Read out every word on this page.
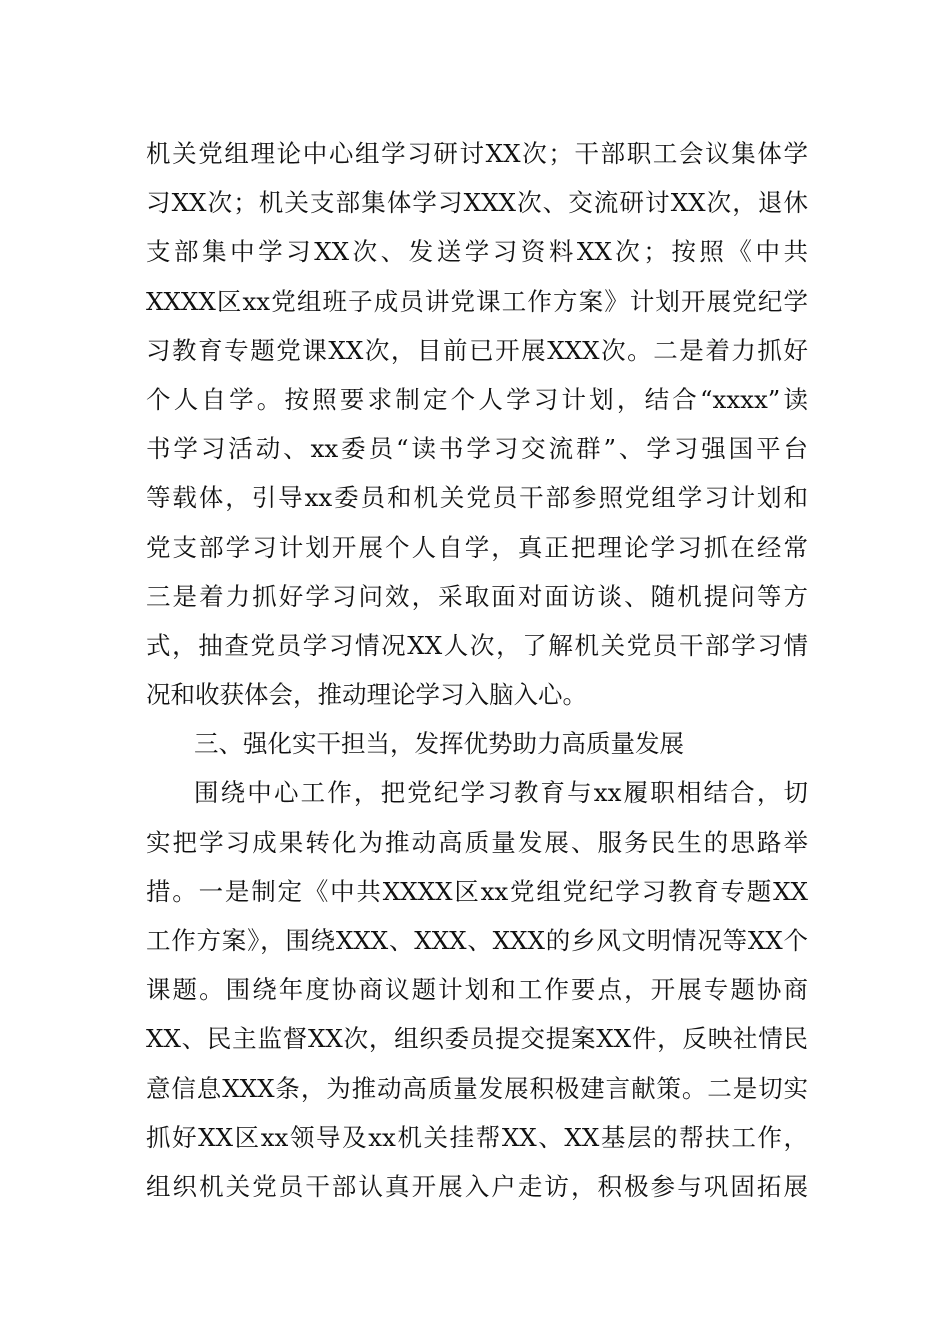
机关党组理论中心组学习研讨XX次；干部职工会议集体学
习XX次；机关支部集体学习XXX次、交流研讨XX次，退休
支部集中学习XX次、发送学习资料XX次；按照《中共
XXXX区xx党组班子成员讲党课工作方案》计划开展党纪学
习教育专题党课XX次，目前已开展XXX次。二是着力抓好
个人自学。按照要求制定个人学习计划，结合“xxxx”读
书学习活动、xx委员“读书学习交流群”、学习强国平台
等载体，引导xx委员和机关党员干部参照党组学习计划和
党支部学习计划开展个人自学，真正把理论学习抓在经常
三是着力抓好学习问效，采取面对面访谈、随机提问等方
式，抽查党员学习情况XX人次，了解机关党员干部学习情
况和收获体会，推动理论学习入脑入心。
三、强化实干担当，发挥优势助力高质量发展
围绕中心工作，把党纪学习教育与xx履职相结合，切
实把学习成果转化为推动高质量发展、服务民生的思路举
措。一是制定《中共XXXX区xx党组党纪学习教育专题XX
工作方案》，围绕XXX、XXX、XXX的乡风文明情况等XX个
课题。围绕年度协商议题计划和工作要点，开展专题协商
XX、民主监督XX次，组织委员提交提案XX件，反映社情民
意信息XXX条，为推动高质量发展积极建言献策。二是切实
抓好XX区xx领导及xx机关挂帮XX、XX基层的帮扶工作，
组织机关党员干部认真开展入户走访，积极参与巩固拓展
